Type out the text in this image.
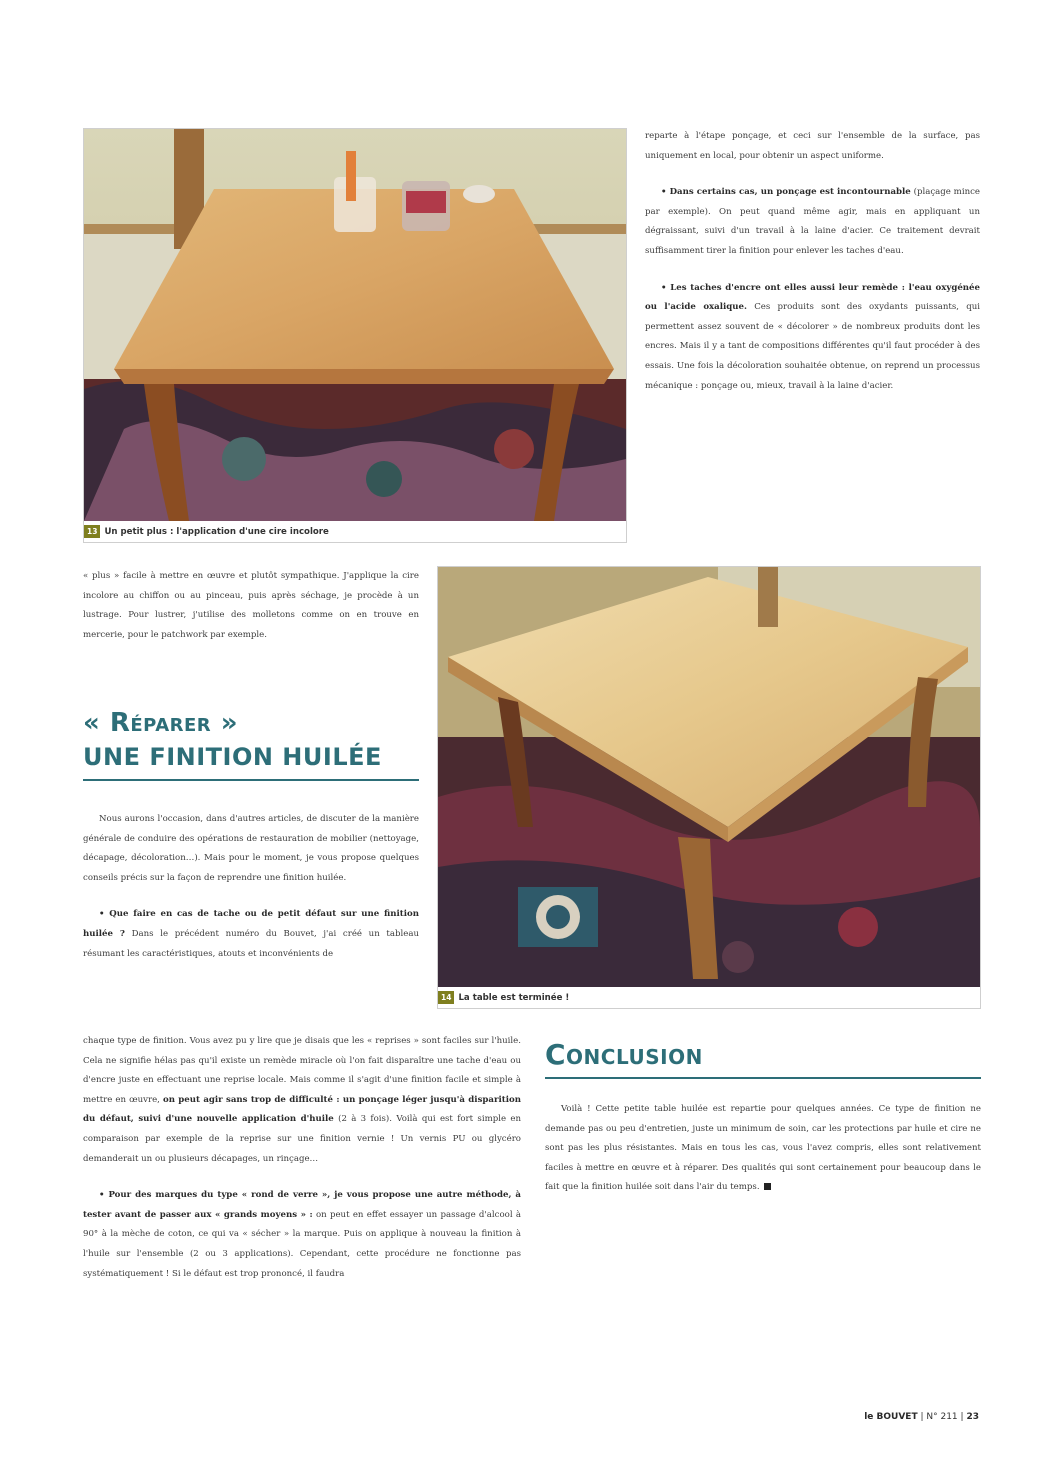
13 Un petit plus : l'application d'une cire incolore

reparte à l'étape ponçage, et ceci sur l'ensemble de la surface, pas uniquement en local, pour obtenir un aspect uniforme.

• Dans certains cas, un ponçage est incontournable (plaçage mince par exemple). On peut quand même agir, mais en appliquant un dégraissant, suivi d'un travail à la laine d'acier. Ce traitement devrait suffisamment tirer la finition pour enlever les taches d'eau.

• Les taches d'encre ont elles aussi leur remède : l'eau oxygénée ou l'acide oxalique. Ces produits sont des oxydants puissants, qui permettent assez souvent de « décolorer » de nombreux produits dont les encres. Mais il y a tant de compositions différentes qu'il faut procéder à des essais. Une fois la décoloration souhaitée obtenue, on reprend un processus mécanique : ponçage ou, mieux, travail à la laine d'acier.

« plus » facile à mettre en œuvre et plutôt sympathique. J'applique la cire incolore au chiffon ou au pinceau, puis après séchage, je procède à un lustrage. Pour lustrer, j'utilise des molletons comme on en trouve en mercerie, pour le patchwork par exemple.

« Réparer »
UNE FINITION HUILÉE

Nous aurons l'occasion, dans d'autres articles, de discuter de la manière générale de conduire des opérations de restauration de mobilier (nettoyage, décapage, décoloration…). Mais pour le moment, je vous propose quelques conseils précis sur la façon de reprendre une finition huilée.

• Que faire en cas de tache ou de petit défaut sur une finition huilée ? Dans le précédent numéro du Bouvet, j'ai créé un tableau résumant les caractéristiques, atouts et inconvénients de

14 La table est terminée !

chaque type de finition. Vous avez pu y lire que je disais que les « reprises » sont faciles sur l'huile. Cela ne signifie hélas pas qu'il existe un remède miracle où l'on fait disparaître une tache d'eau ou d'encre juste en effectuant une reprise locale. Mais comme il s'agit d'une finition facile et simple à mettre en œuvre, on peut agir sans trop de difficulté : un ponçage léger jusqu'à disparition du défaut, suivi d'une nouvelle application d'huile (2 à 3 fois). Voilà qui est fort simple en comparaison par exemple de la reprise sur une finition vernie ! Un vernis PU ou glycéro demanderait un ou plusieurs décapages, un rinçage…

• Pour des marques du type « rond de verre », je vous propose une autre méthode, à tester avant de passer aux « grands moyens » : on peut en effet essayer un passage d'alcool à 90° à la mèche de coton, ce qui va « sécher » la marque. Puis on applique à nouveau la finition à l'huile sur l'ensemble (2 ou 3 applications). Cependant, cette procédure ne fonctionne pas systématiquement ! Si le défaut est trop prononcé, il faudra

Conclusion

Voilà ! Cette petite table huilée est repartie pour quelques années. Ce type de finition ne demande pas ou peu d'entretien, juste un minimum de soin, car les protections par huile et cire ne sont pas les plus résistantes. Mais en tous les cas, vous l'avez compris, elles sont relativement faciles à mettre en œuvre et à réparer. Des qualités qui sont certainement pour beaucoup dans le fait que la finition huilée soit dans l'air du temps.

le BOUVET | N° 211 | 23
